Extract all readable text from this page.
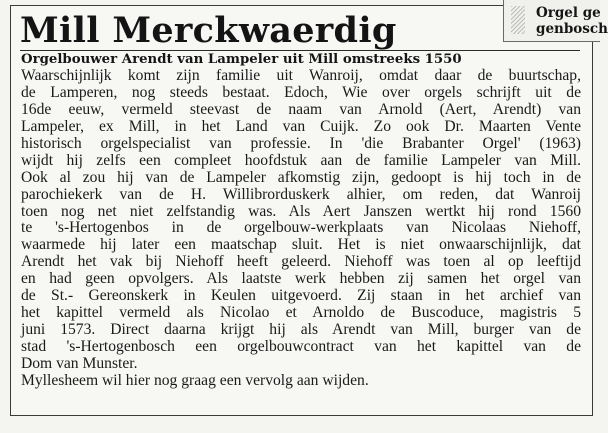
Mill Merckwaerdig
Orgelbouwer Arendt van Lampeler uit Mill omstreeks 1550
Waarschijnlijk komt zijn familie uit Wanroij, omdat daar de buurtschap,
de Lamperen, nog steeds bestaat. Edoch, Wie over orgels schrijft uit de
16de eeuw, vermeld steevast de naam van Arnold (Aert, Arendt) van
Lampeler, ex Mill, in het Land van Cuijk. Zo ook Dr. Maarten Vente
historisch orgelspecialist van professie. In 'die Brabanter Orgel' (1963)
wijdt hij zelfs een compleet hoofdstuk aan de familie Lampeler van Mill.
Ook al zou hij van de Lampeler afkomstig zijn, gedoopt is hij toch in de
parochiekerk van de H. Willibrorduskerk alhier, om reden, dat Wanroij
toen nog net niet zelfstandig was. Als Aert Janszen wertkt hij rond 1560
te 's-Hertogenbos in de orgelbouw-werkplaats van Nicolaas Niehoff,
waarmede hij later een maatschap sluit. Het is niet onwaarschijnlijk, dat
Arendt het vak bij Niehoff heeft geleerd. Niehoff was toen al op leeftijd
en had geen opvolgers. Als laatste werk hebben zij samen het orgel van
de St.- Gereonskerk in Keulen uitgevoerd. Zij staan in het archief van
het kapittel vermeld als Nicolao et Arnoldo de Buscoduce, magistris 5
juni 1573. Direct daarna krijgt hij als Arendt van Mill, burger van de
stad 's-Hertogenbosch een orgelbouwcontract van het kapittel van de
Dom van Munster.
Myllesheem wil hier nog graag een vervolg aan wijden.
Orgel ge
genbosch
